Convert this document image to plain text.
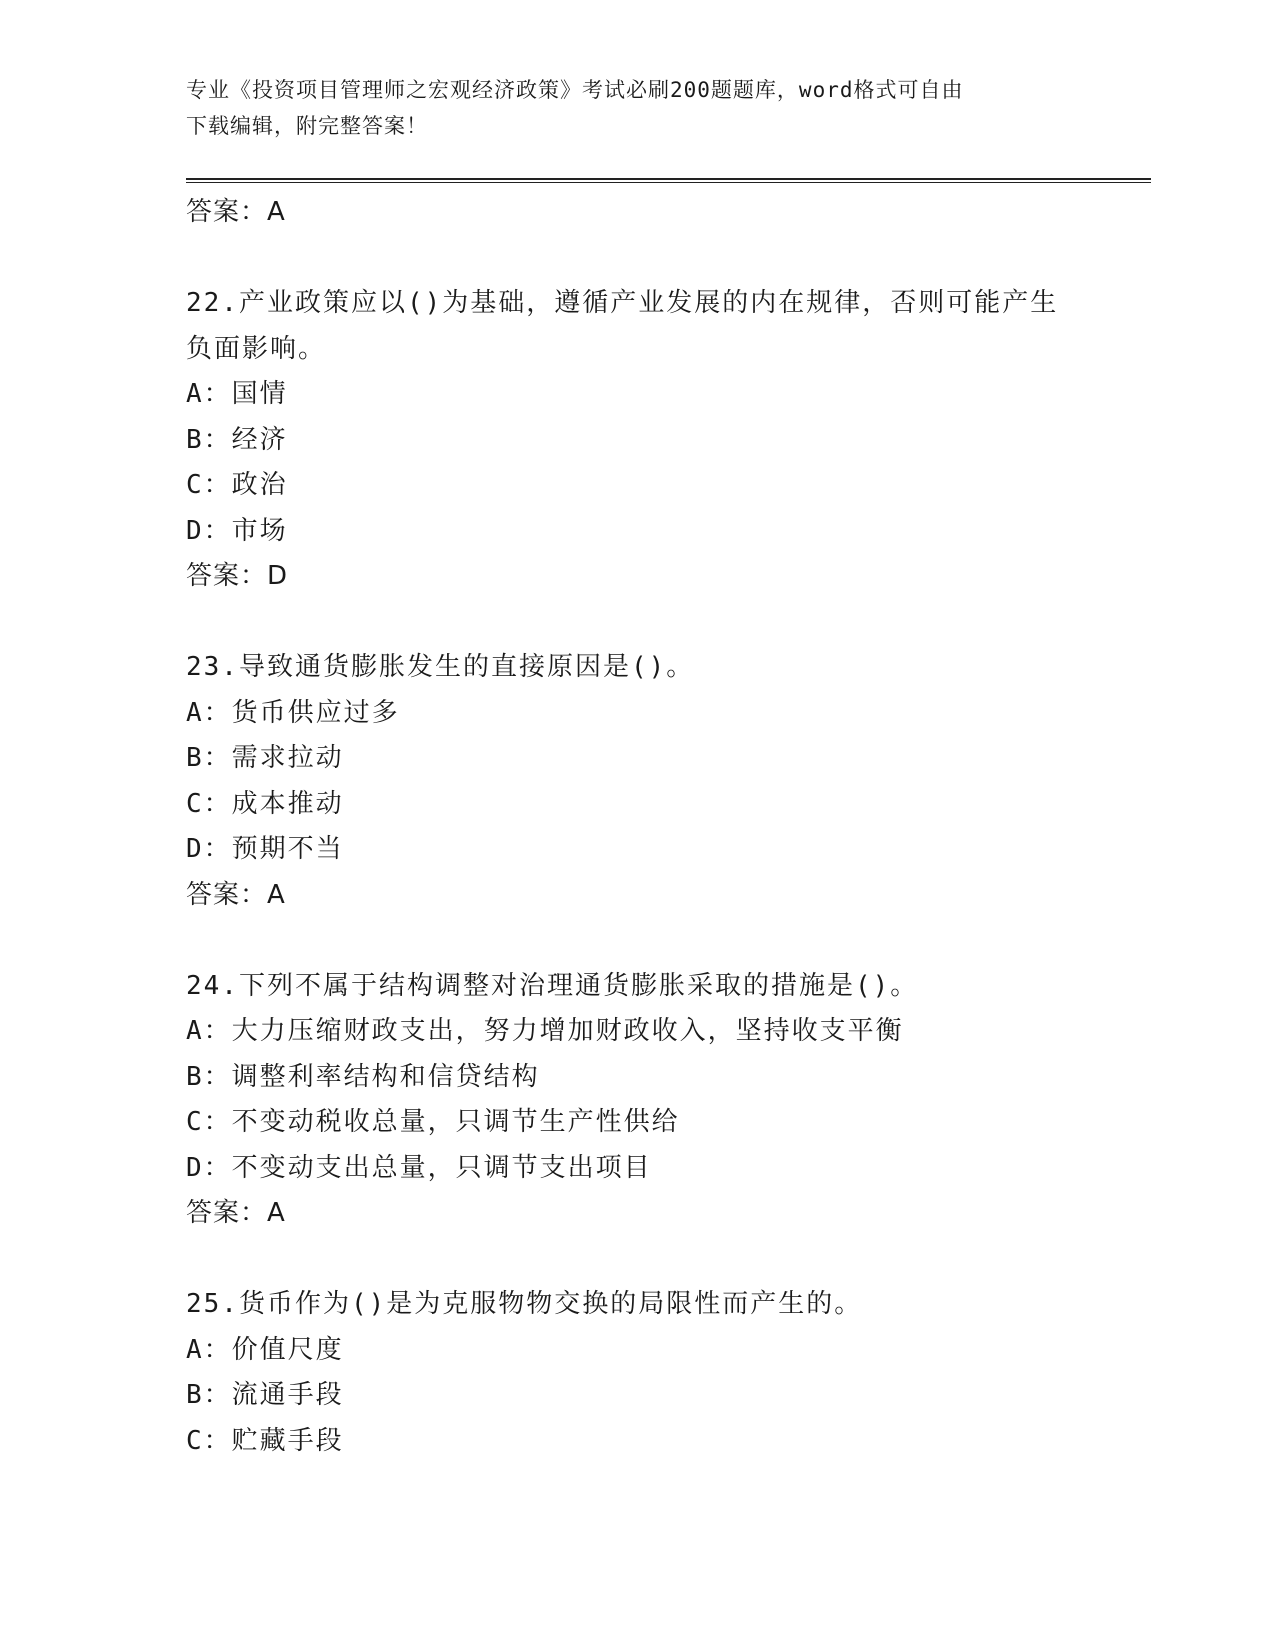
专业《投资项目管理师之宏观经济政策》考试必刷200题题库，word格式可自由
下载编辑，附完整答案！
答案：A
22.产业政策应以()为基础，遵循产业发展的内在规律，否则可能产生
负面影响。
A：国情
B：经济
C：政治
D：市场
答案：D
23.导致通货膨胀发生的直接原因是()。
A：货币供应过多
B：需求拉动
C：成本推动
D：预期不当
答案：A
24.下列不属于结构调整对治理通货膨胀采取的措施是()。
A：大力压缩财政支出，努力增加财政收入，坚持收支平衡
B：调整利率结构和信贷结构
C：不变动税收总量，只调节生产性供给
D：不变动支出总量，只调节支出项目
答案：A
25.货币作为()是为克服物物交换的局限性而产生的。
A：价值尺度
B：流通手段
C：贮藏手段
